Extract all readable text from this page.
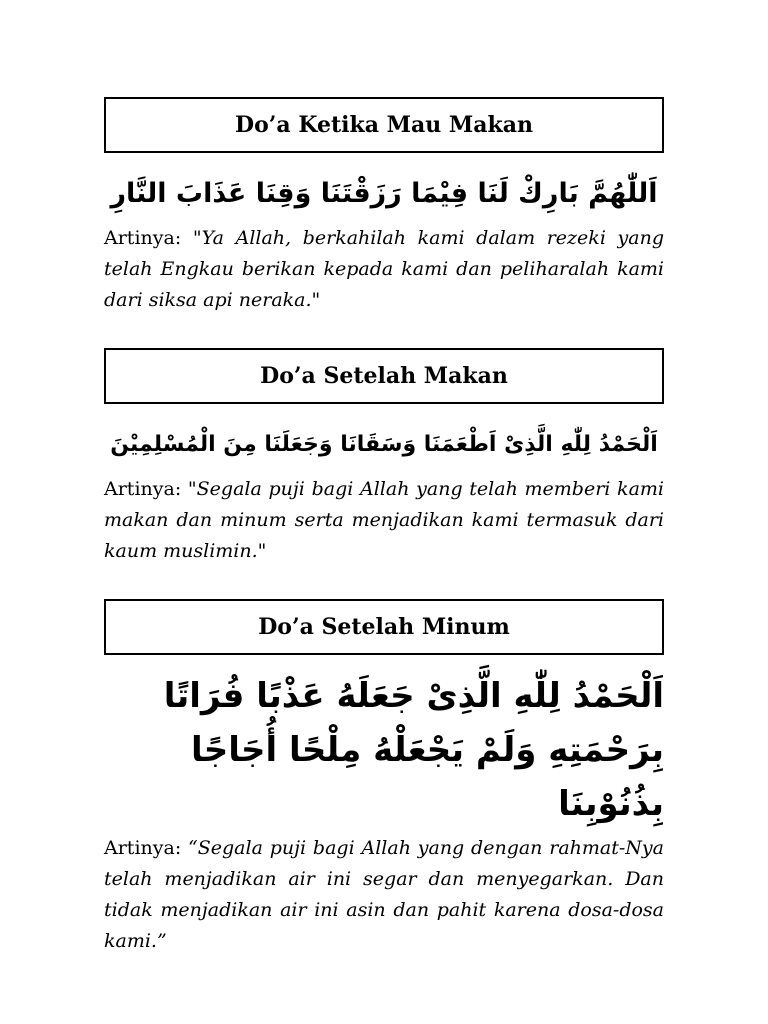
Do’a Ketika Mau Makan
اَللّٰهُمَّ بَارِكْ لَنَا فِيْمَا رَزَقْتَنَا وَقِنَا عَذَابَ النَّارِ
Artinya: "Ya Allah, berkahilah kami dalam rezeki yang telah Engkau berikan kepada kami dan peliharalah kami dari siksa api neraka."
Do’a Setelah Makan
اَلْحَمْدُ لِلّٰهِ الَّذِىْ اَطْعَمَنَا وَسَقَانَا وَجَعَلَنَا مِنَ الْمُسْلِمِيْنَ
Artinya: "Segala puji bagi Allah yang telah memberi kami makan dan minum serta menjadikan kami termasuk dari kaum muslimin."
Do’a Setelah Minum
اَلْحَمْدُ لِلّٰهِ الَّذِىْ جَعَلَهُ عَذْبًا فُرَاتًا بِرَحْمَتِهِ وَلَمْ يَجْعَلْهُ مِلْحًا أُجَاجًا بِذُنُوْبِنَا
Artinya: “Segala puji bagi Allah yang dengan rahmat-Nya telah menjadikan air ini segar dan menyegarkan. Dan tidak menjadikan air ini asin dan pahit karena dosa-dosa kami.”
